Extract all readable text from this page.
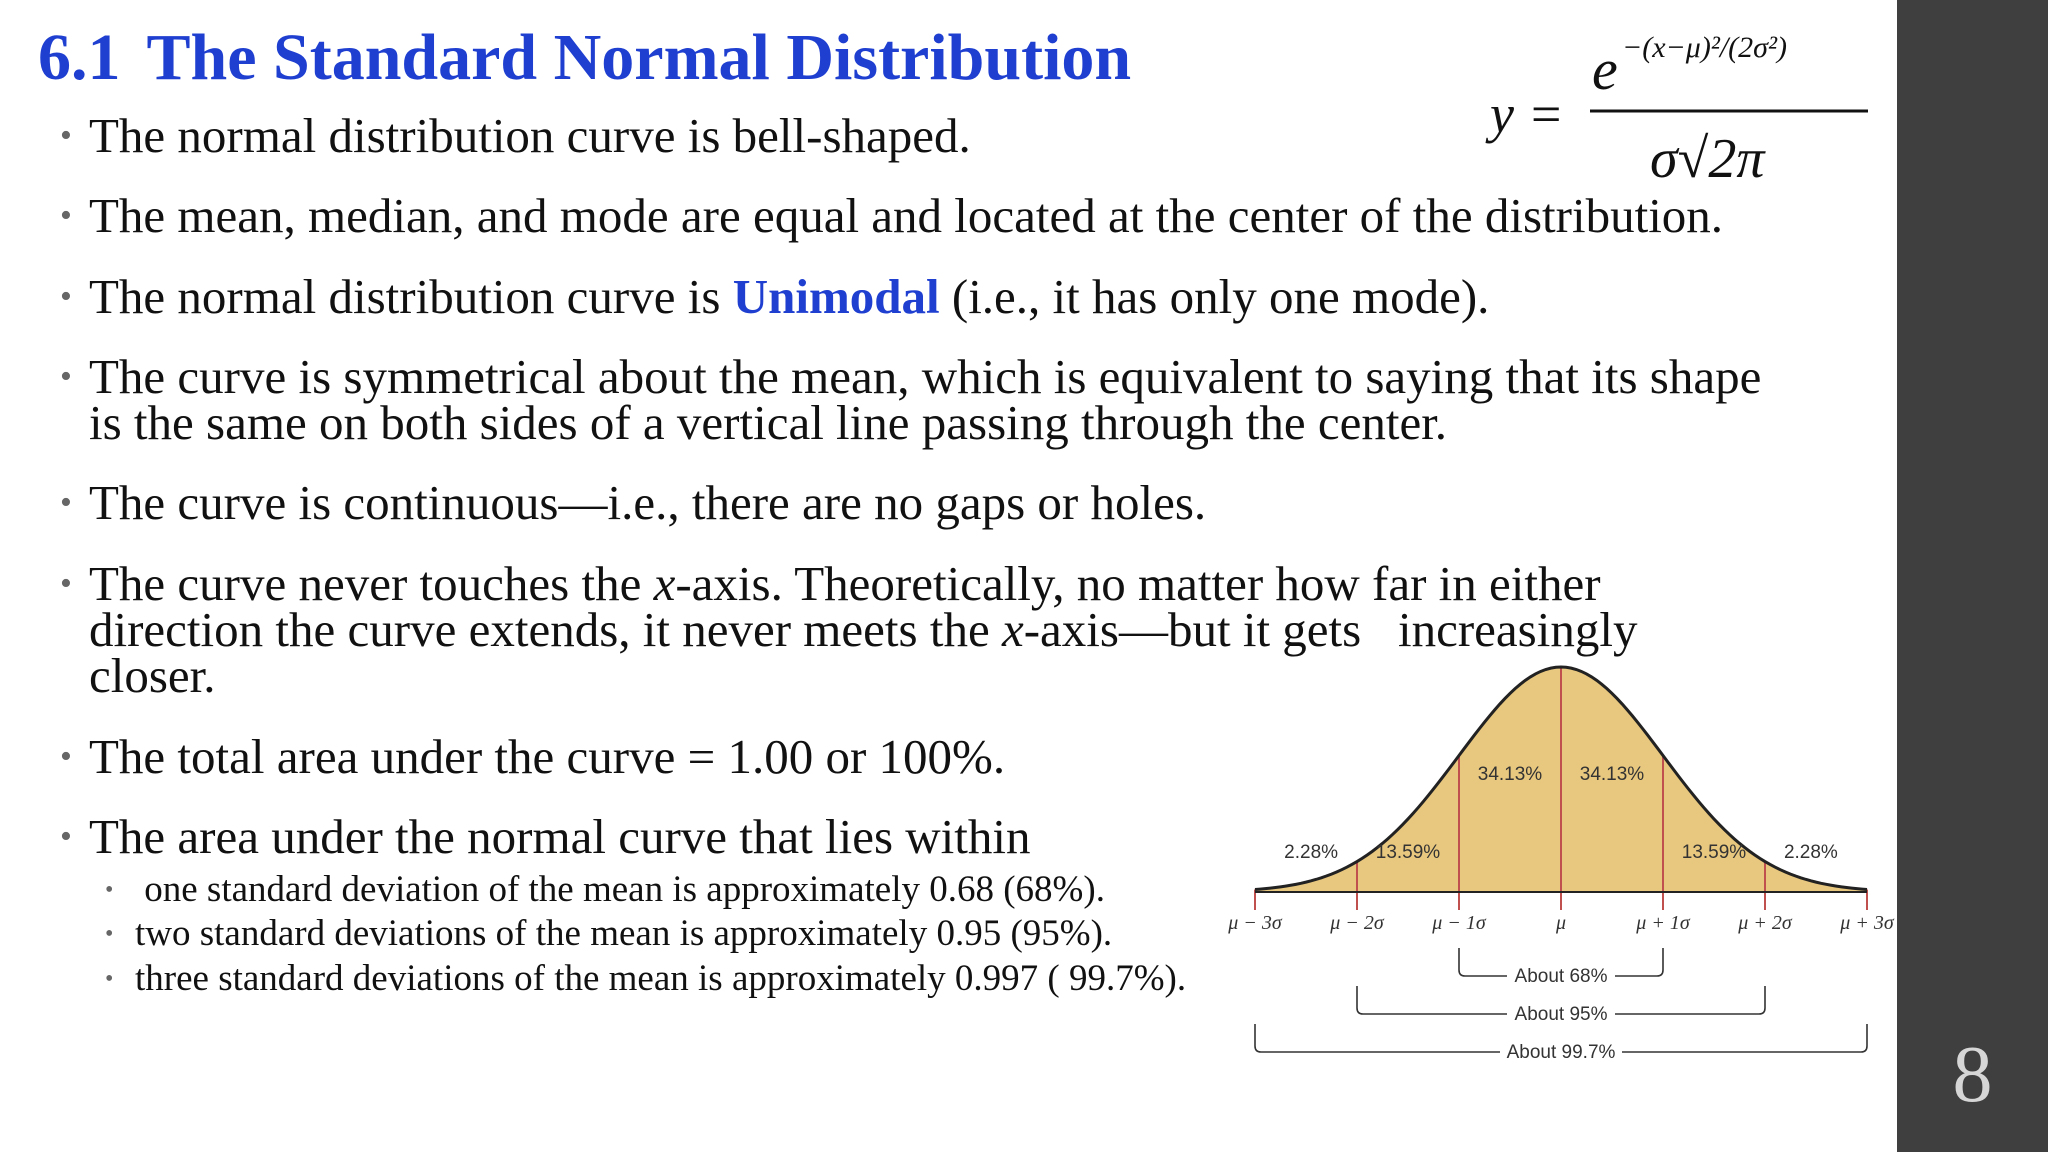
6.1 The Standard Normal Distribution
y =
e −(x−μ)²/(2σ²)
σ√2π

• The normal distribution curve is bell-shaped.

• The mean, median, and mode are equal and located at the center of the distribution.

• The normal distribution curve is Unimodal (i.e., it has only one mode).

• The curve is symmetrical about the mean, which is equivalent to saying that its shape
is the same on both sides of a vertical line passing through the center.

• The curve is continuous—i.e., there are no gaps or holes.

• The curve never touches the x-axis. Theoretically, no matter how far in either
direction the curve extends, it never meets the x-axis—but it gets   increasingly
closer.

• The total area under the curve = 1.00 or 100%.

• The area under the normal curve that lies within

• one standard deviation of the mean is approximately 0.68 (68%).

• two standard deviations of the mean is approximately 0.95 (95%).

• three standard deviations of the mean is approximately 0.997 ( 99.7%).

2.28% 13.59%
34.13% 34.13%
13.59% 2.28%
μ − 3σ μ − 2σ μ − 1σ	μ	μ + 1σ μ + 2σ μ + 3σ
About 68%
About 95%
About 99.7%	8
